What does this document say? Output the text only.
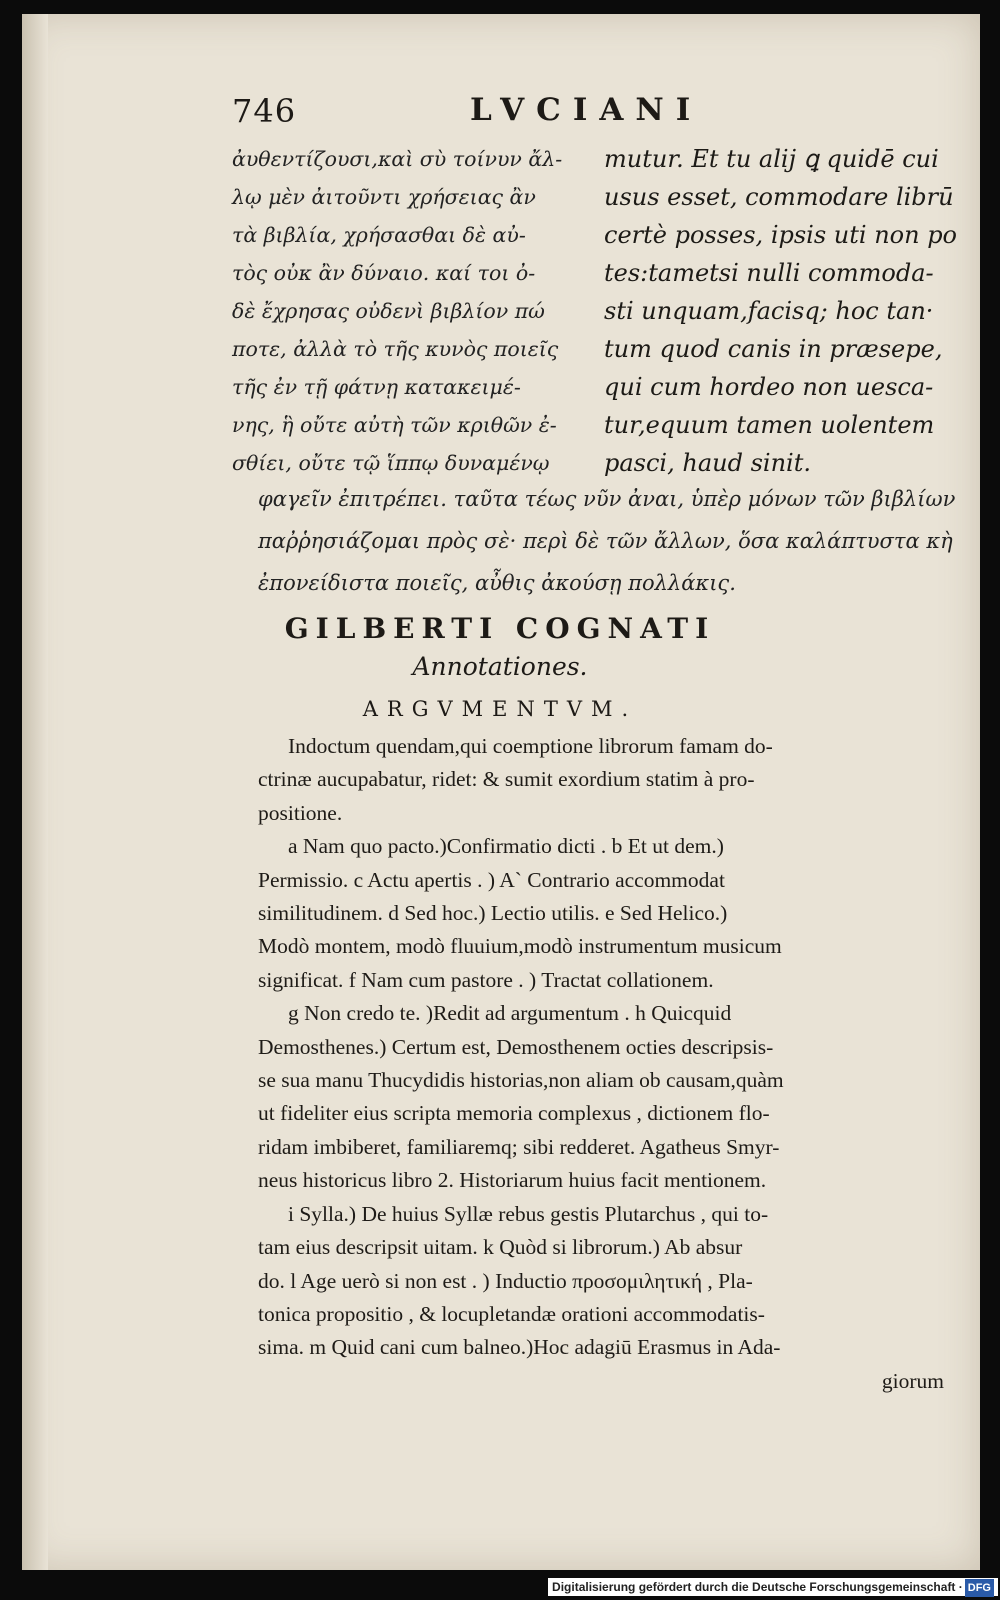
746	LVCIANI
ἀυθεντίζουσι,καὶ σὺ τοίνυν ἄλ-
λῳ μὲν ἀιτοῦντι χρήσειας ἂν
τὰ βιβλία, χρήσασθαι δὲ αὐ-
τὸς οὐκ ἂν δύναιο. καί τοι ὀ-
δὲ ἔχρησας οὐδενὶ βιβλίον πώ
ποτε, ἀλλὰ τὸ τῆς κυνὸς ποιεῖς
τῆς ἐν τῇ φάτνῃ κατακειμέ-
νης, ἣ οὔτε αὐτὴ τῶν κριθῶν ἐ-
σθίει, οὔτε τῷ ἵππῳ δυναμένῳ
mutur. Et tu alij ꝗ quidē cui
usus esset, commodare librū
certè posses, ipsis uti non po
tes:tametsi nulli commoda-
sti unquam,facisq; hoc tan·
tum quod canis in præsepe,
qui cum hordeo non uesca-
tur,equum tamen uolentem
pasci, haud sinit.
φαγεῖν ἐπιτρέπει. ταῦτα τέως νῦν ἀναι, ὑπὲρ μόνων τῶν βιβλίων
παῤῥησιάζομαι πρὸς σὲ· περὶ δὲ τῶν ἄλλων, ὅσα καλάπτυστα κὴ
ἐπονείδιστα ποιεῖς, αὖθις ἀκούσῃ πολλάκις.
GILBERTI COGNATI
Annotationes.
ARGVMENTVM.
Indoctum quendam,qui coemptione librorum famam do-
ctrinæ aucupabatur, ridet: & sumit exordium statim à pro-
positione.
a Nam quo pacto.)Confirmatio dicti . b Et ut dem.)
Permissio. c Actu apertis . ) A` Contrario accommodat
similitudinem. d Sed hoc.) Lectio utilis. e Sed Helico.)
Modò montem, modò fluuium,modò instrumentum musicum
significat. f Nam cum pastore . ) Tractat collationem.
g Non credo te. )Redit ad argumentum . h Quicquid
Demosthenes.) Certum est, Demosthenem octies descripsis-
se sua manu Thucydidis historias,non aliam ob causam,quàm
ut fideliter eius scripta memoria complexus , dictionem flo-
ridam imbiberet, familiaremq; sibi redderet. Agatheus Smyr-
neus historicus libro 2. Historiarum huius facit mentionem.
i Sylla.) De huius Syllæ rebus gestis Plutarchus , qui to-
tam eius descripsit uitam. k Quòd si librorum.) Ab absur
do. l Age uerò si non est . ) Inductio προσομιλητική , Pla-
tonica propositio , & locupletandæ orationi accommodatis-
sima. m Quid cani cum balneo.)Hoc adagiū Erasmus in Ada-
giorum
Digitalisierung gefördert durch die Deutsche Forschungsgemeinschaft · DFG
